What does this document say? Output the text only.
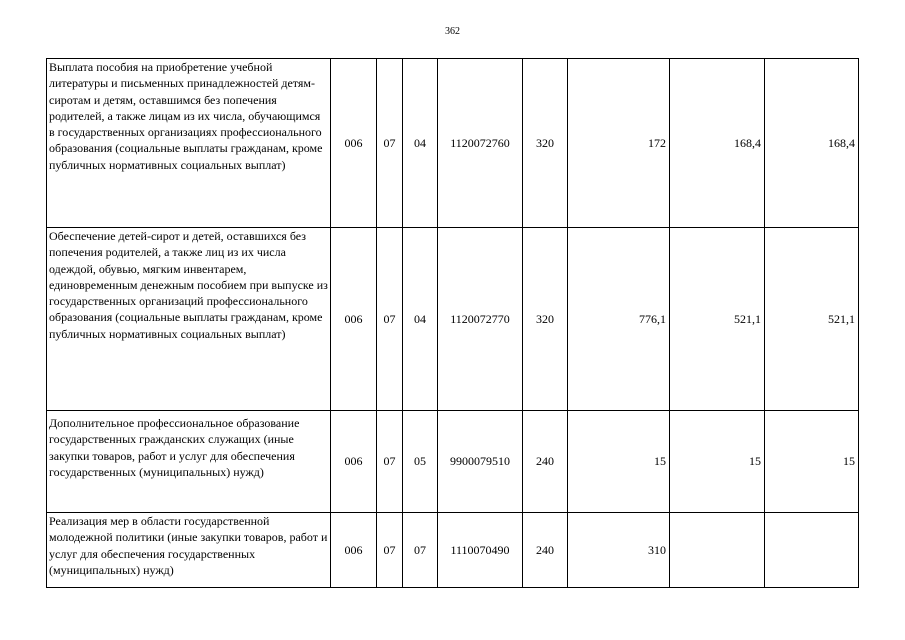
362
Выплата пособия на приобретение учебной литературы и письменных принадлежностей детям-сиротам и детям, оставшимся без попечения родителей, а также лицам из их числа, обучающимся в государственных организациях профессионального образования (социальные выплаты гражданам, кроме публичных нормативных социальных выплат)	006	07	04	1120072760	320	172	168,4	168,4
Обеспечение детей-сирот и детей, оставшихся без попечения родителей, а также лиц из их числа одеждой, обувью, мягким инвентарем, единовременным денежным пособием при выпуске из государственных организаций профессионального образования (социальные выплаты гражданам, кроме публичных нормативных социальных выплат)	006	07	04	1120072770	320	776,1	521,1	521,1
Дополнительное профессиональное образование государственных гражданских служащих (иные закупки товаров, работ и услуг для обеспечения государственных (муниципальных) нужд)	006	07	05	9900079510	240	15	15	15
Реализация мер в области государственной молодежной политики (иные закупки товаров, работ и услуг для обеспечения государственных (муниципальных) нужд)	006	07	07	1110070490	240	310		
